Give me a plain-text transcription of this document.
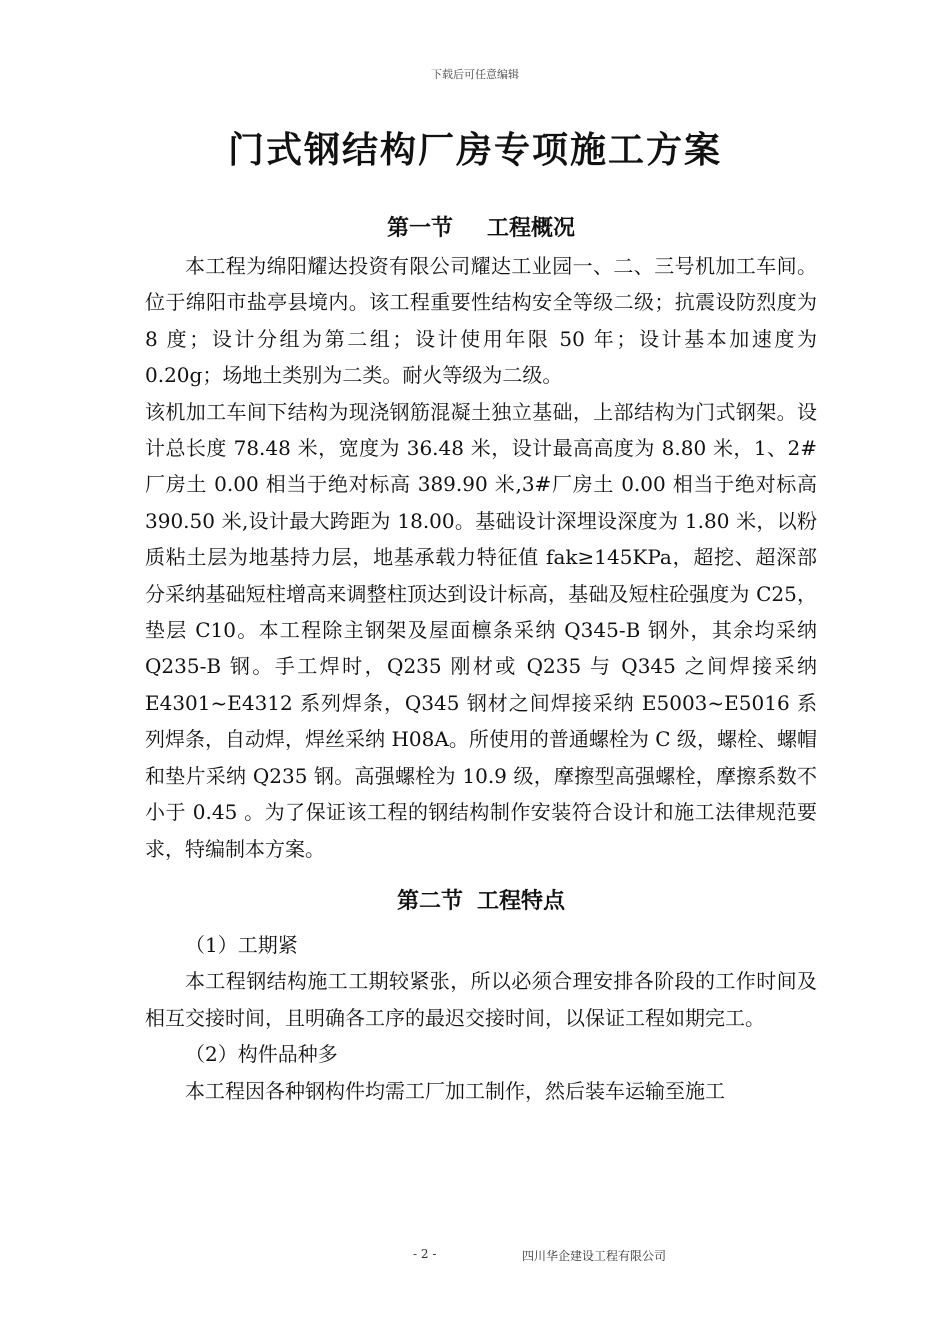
下载后可任意编辑
门式钢结构厂房专项施工方案
第一节 工程概况

本工程为绵阳耀达投资有限公司耀达工业园一、二、三号机加工车间。位于绵阳市盐亭县境内。该工程重要性结构安全等级二级；抗震设防烈度为 8 度；设计分组为第二组；设计使用年限 50 年；设计基本加速度为 0.20g；场地土类别为二类。耐火等级为二级。

该机加工车间下结构为现浇钢筋混凝土独立基础，上部结构为门式钢架。设计总长度 78.48 米，宽度为 36.48 米，设计最高高度为 8.80 米，1、2#厂房土 0.00 相当于绝对标高 389.90 米,3#厂房土 0.00 相当于绝对标高 390.50 米,设计最大跨距为 18.00。基础设计深埋设深度为 1.80 米，以粉质粘土层为地基持力层，地基承载力特征值 fak≥145KPa，超挖、超深部分采纳基础短柱增高来调整柱顶达到设计标高，基础及短柱砼强度为 C25，垫层 C10。本工程除主钢架及屋面檩条采纳 Q345-B 钢外，其余均采纳 Q235-B 钢。手工焊时，Q235 刚材或 Q235 与 Q345 之间焊接采纳 E4301~E4312 系列焊条，Q345 钢材之间焊接采纳 E5003~E5016 系列焊条，自动焊，焊丝采纳 H08A。所使用的普通螺栓为 C 级，螺栓、螺帽和垫片采纳 Q235 钢。高强螺栓为 10.9 级，摩擦型高强螺栓，摩擦系数不小于 0.45 。为了保证该工程的钢结构制作安装符合设计和施工法律规范要求，特编制本方案。

第二节 工程特点

（1）工期紧

本工程钢结构施工工期较紧张，所以必须合理安排各阶段的工作时间及相互交接时间，且明确各工序的最迟交接时间，以保证工程如期完工。

（2）构件品种多

本工程因各种钢构件均需工厂加工制作，然后装车运输至施工

- 2 -	四川华企建设工程有限公司
